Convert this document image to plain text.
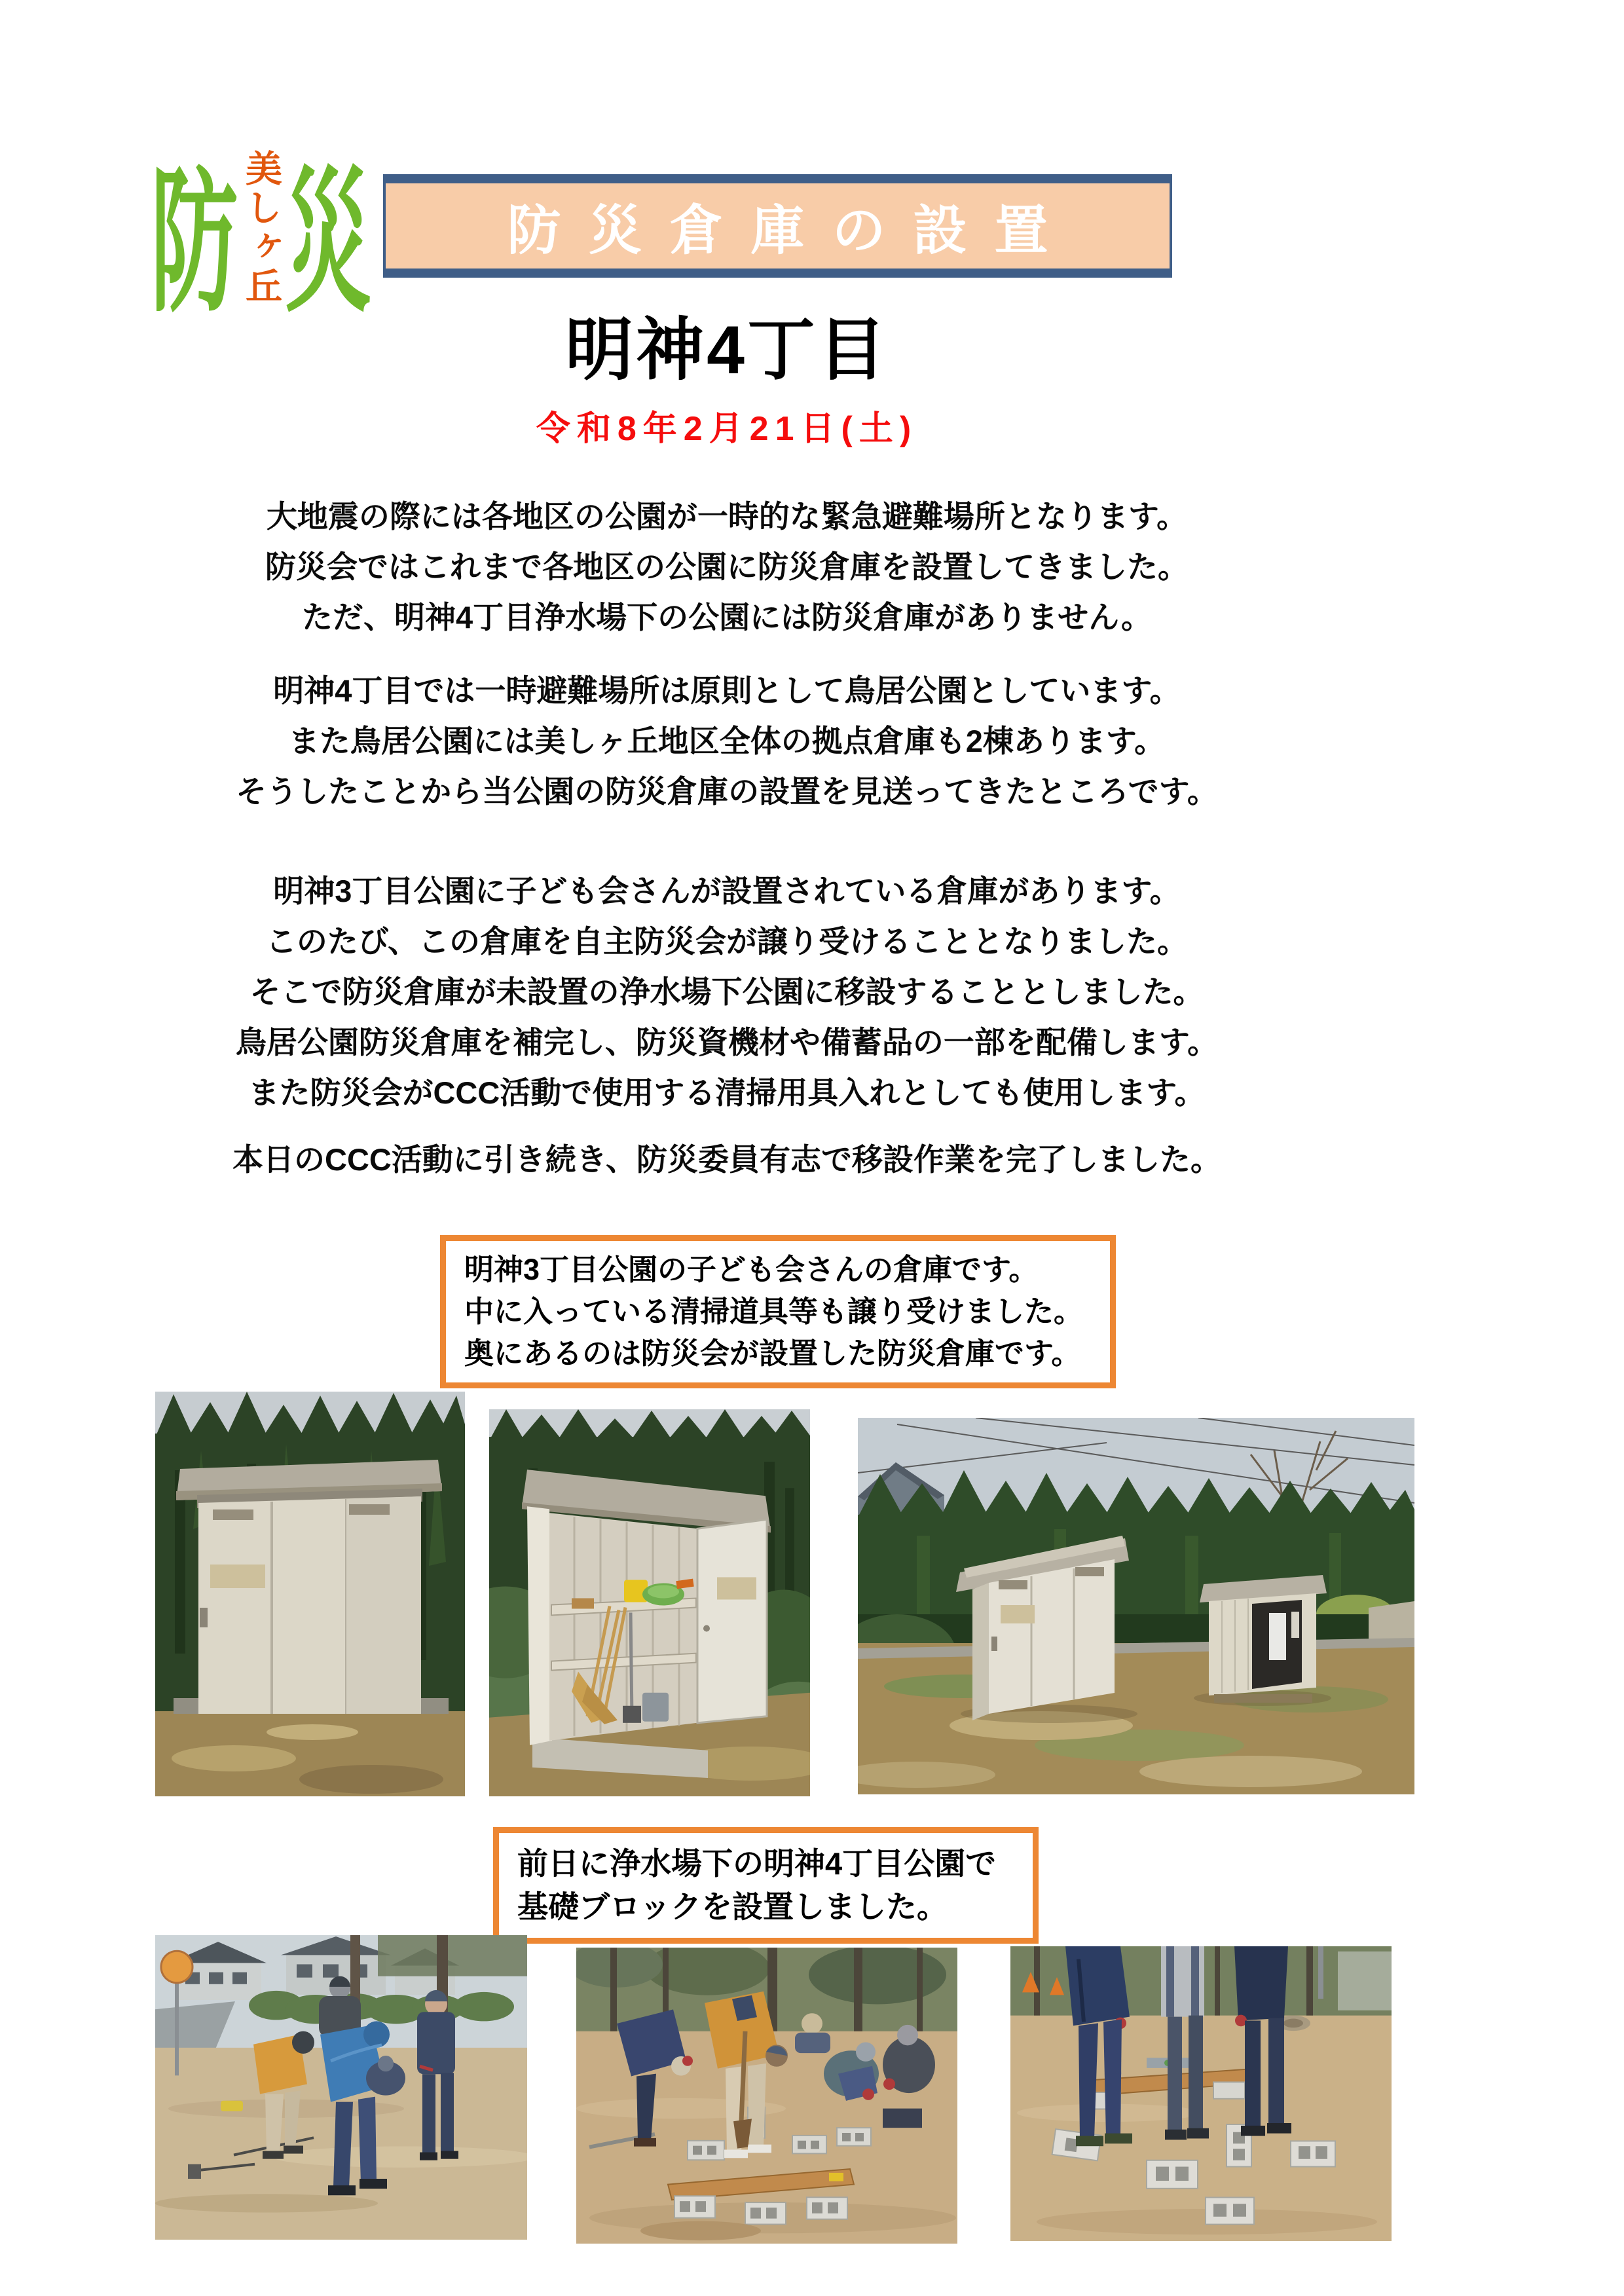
防 災
美しヶ丘	防災倉庫の設置
明神4丁目
令和8年2月21日(土)
大地震の際には各地区の公園が一時的な緊急避難場所となります。
防災会ではこれまで各地区の公園に防災倉庫を設置してきました。
ただ、明神4丁目浄水場下の公園には防災倉庫がありません。
明神4丁目では一時避難場所は原則として鳥居公園としています。
また鳥居公園には美しヶ丘地区全体の拠点倉庫も2棟あります。
そうしたことから当公園の防災倉庫の設置を見送ってきたところです。
明神3丁目公園に子ども会さんが設置されている倉庫があります。
このたび、この倉庫を自主防災会が譲り受けることとなりました。
そこで防災倉庫が未設置の浄水場下公園に移設することとしました。
鳥居公園防災倉庫を補完し、防災資機材や備蓄品の一部を配備します。
また防災会がCCC活動で使用する清掃用具入れとしても使用します。
本日のCCC活動に引き続き、防災委員有志で移設作業を完了しました。
明神3丁目公園の子ども会さんの倉庫です。
中に入っている清掃道具等も譲り受けました。
奥にあるのは防災会が設置した防災倉庫です。
前日に浄水場下の明神4丁目公園で
基礎ブロックを設置しました。
